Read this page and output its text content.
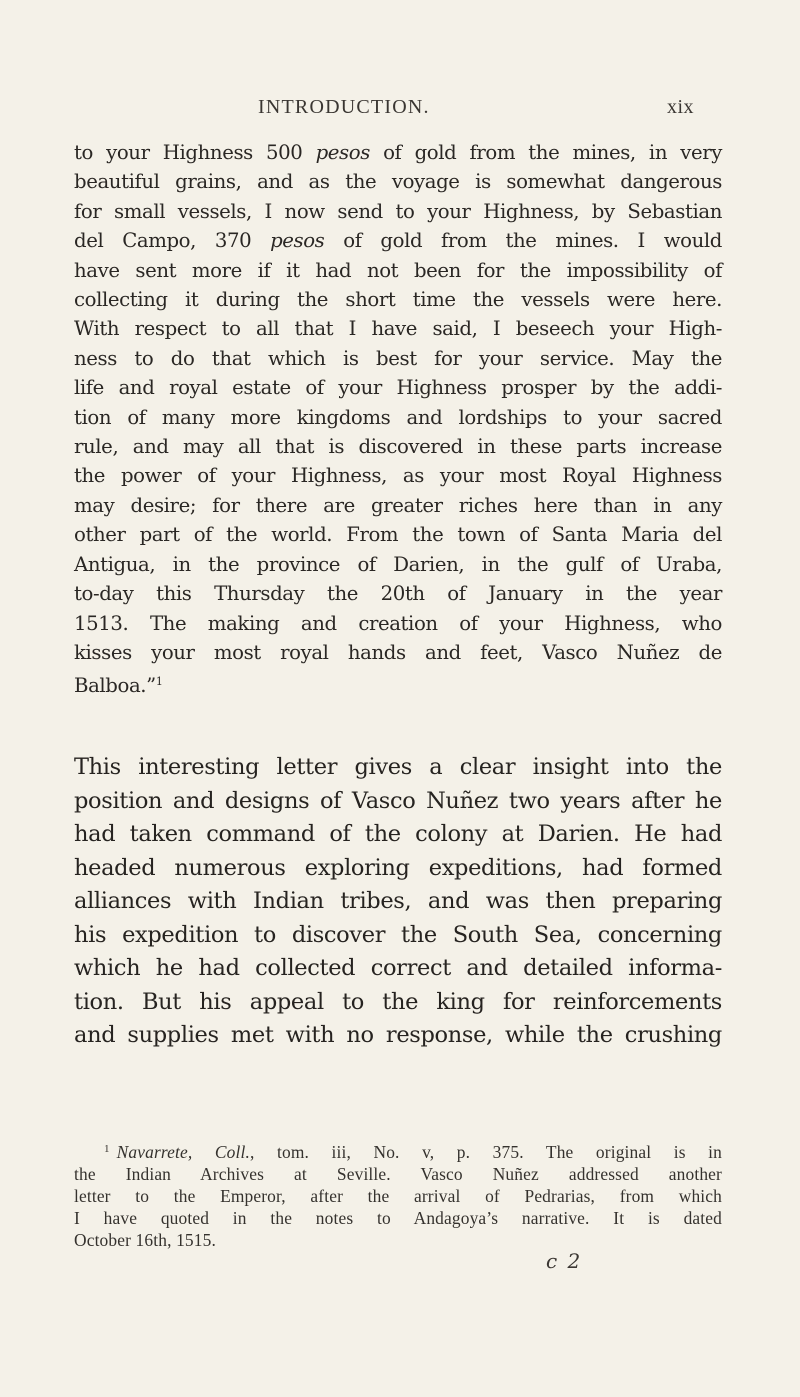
INTRODUCTION.	xix
to your Highness 500 pesos of gold from the mines, in very
beautiful grains, and as the voyage is somewhat dangerous
for small vessels, I now send to your Highness, by Sebastian
del Campo, 370 pesos of gold from the mines. I would
have sent more if it had not been for the impossibility of
collecting it during the short time the vessels were here.
With respect to all that I have said, I beseech your High-
ness to do that which is best for your service. May the
life and royal estate of your Highness prosper by the addi-
tion of many more kingdoms and lordships to your sacred
rule, and may all that is discovered in these parts increase
the power of your Highness, as your most Royal Highness
may desire; for there are greater riches here than in any
other part of the world. From the town of Santa Maria del
Antigua, in the province of Darien, in the gulf of Uraba,
to-day this Thursday the 20th of January in the year
1513. The making and creation of your Highness, who
kisses your most royal hands and feet, Vasco Nuñez de
Balboa.”$^1$
This interesting letter gives a clear insight into the
position and designs of Vasco Nuñez two years after he
had taken command of the colony at Darien. He had
headed numerous exploring expeditions, had formed
alliances with Indian tribes, and was then preparing
his expedition to discover the South Sea, concerning
which he had collected correct and detailed informa-
tion. But his appeal to the king for reinforcements
and supplies met with no response, while the crushing
$^1$ Navarrete, Coll., tom. iii, No. v, p. 375. The original is in
the Indian Archives at Seville. Vasco Nuñez addressed another
letter to the Emperor, after the arrival of Pedrarias, from which
I have quoted in the notes to Andagoya’s narrative. It is dated
October 16th, 1515.
c 2
